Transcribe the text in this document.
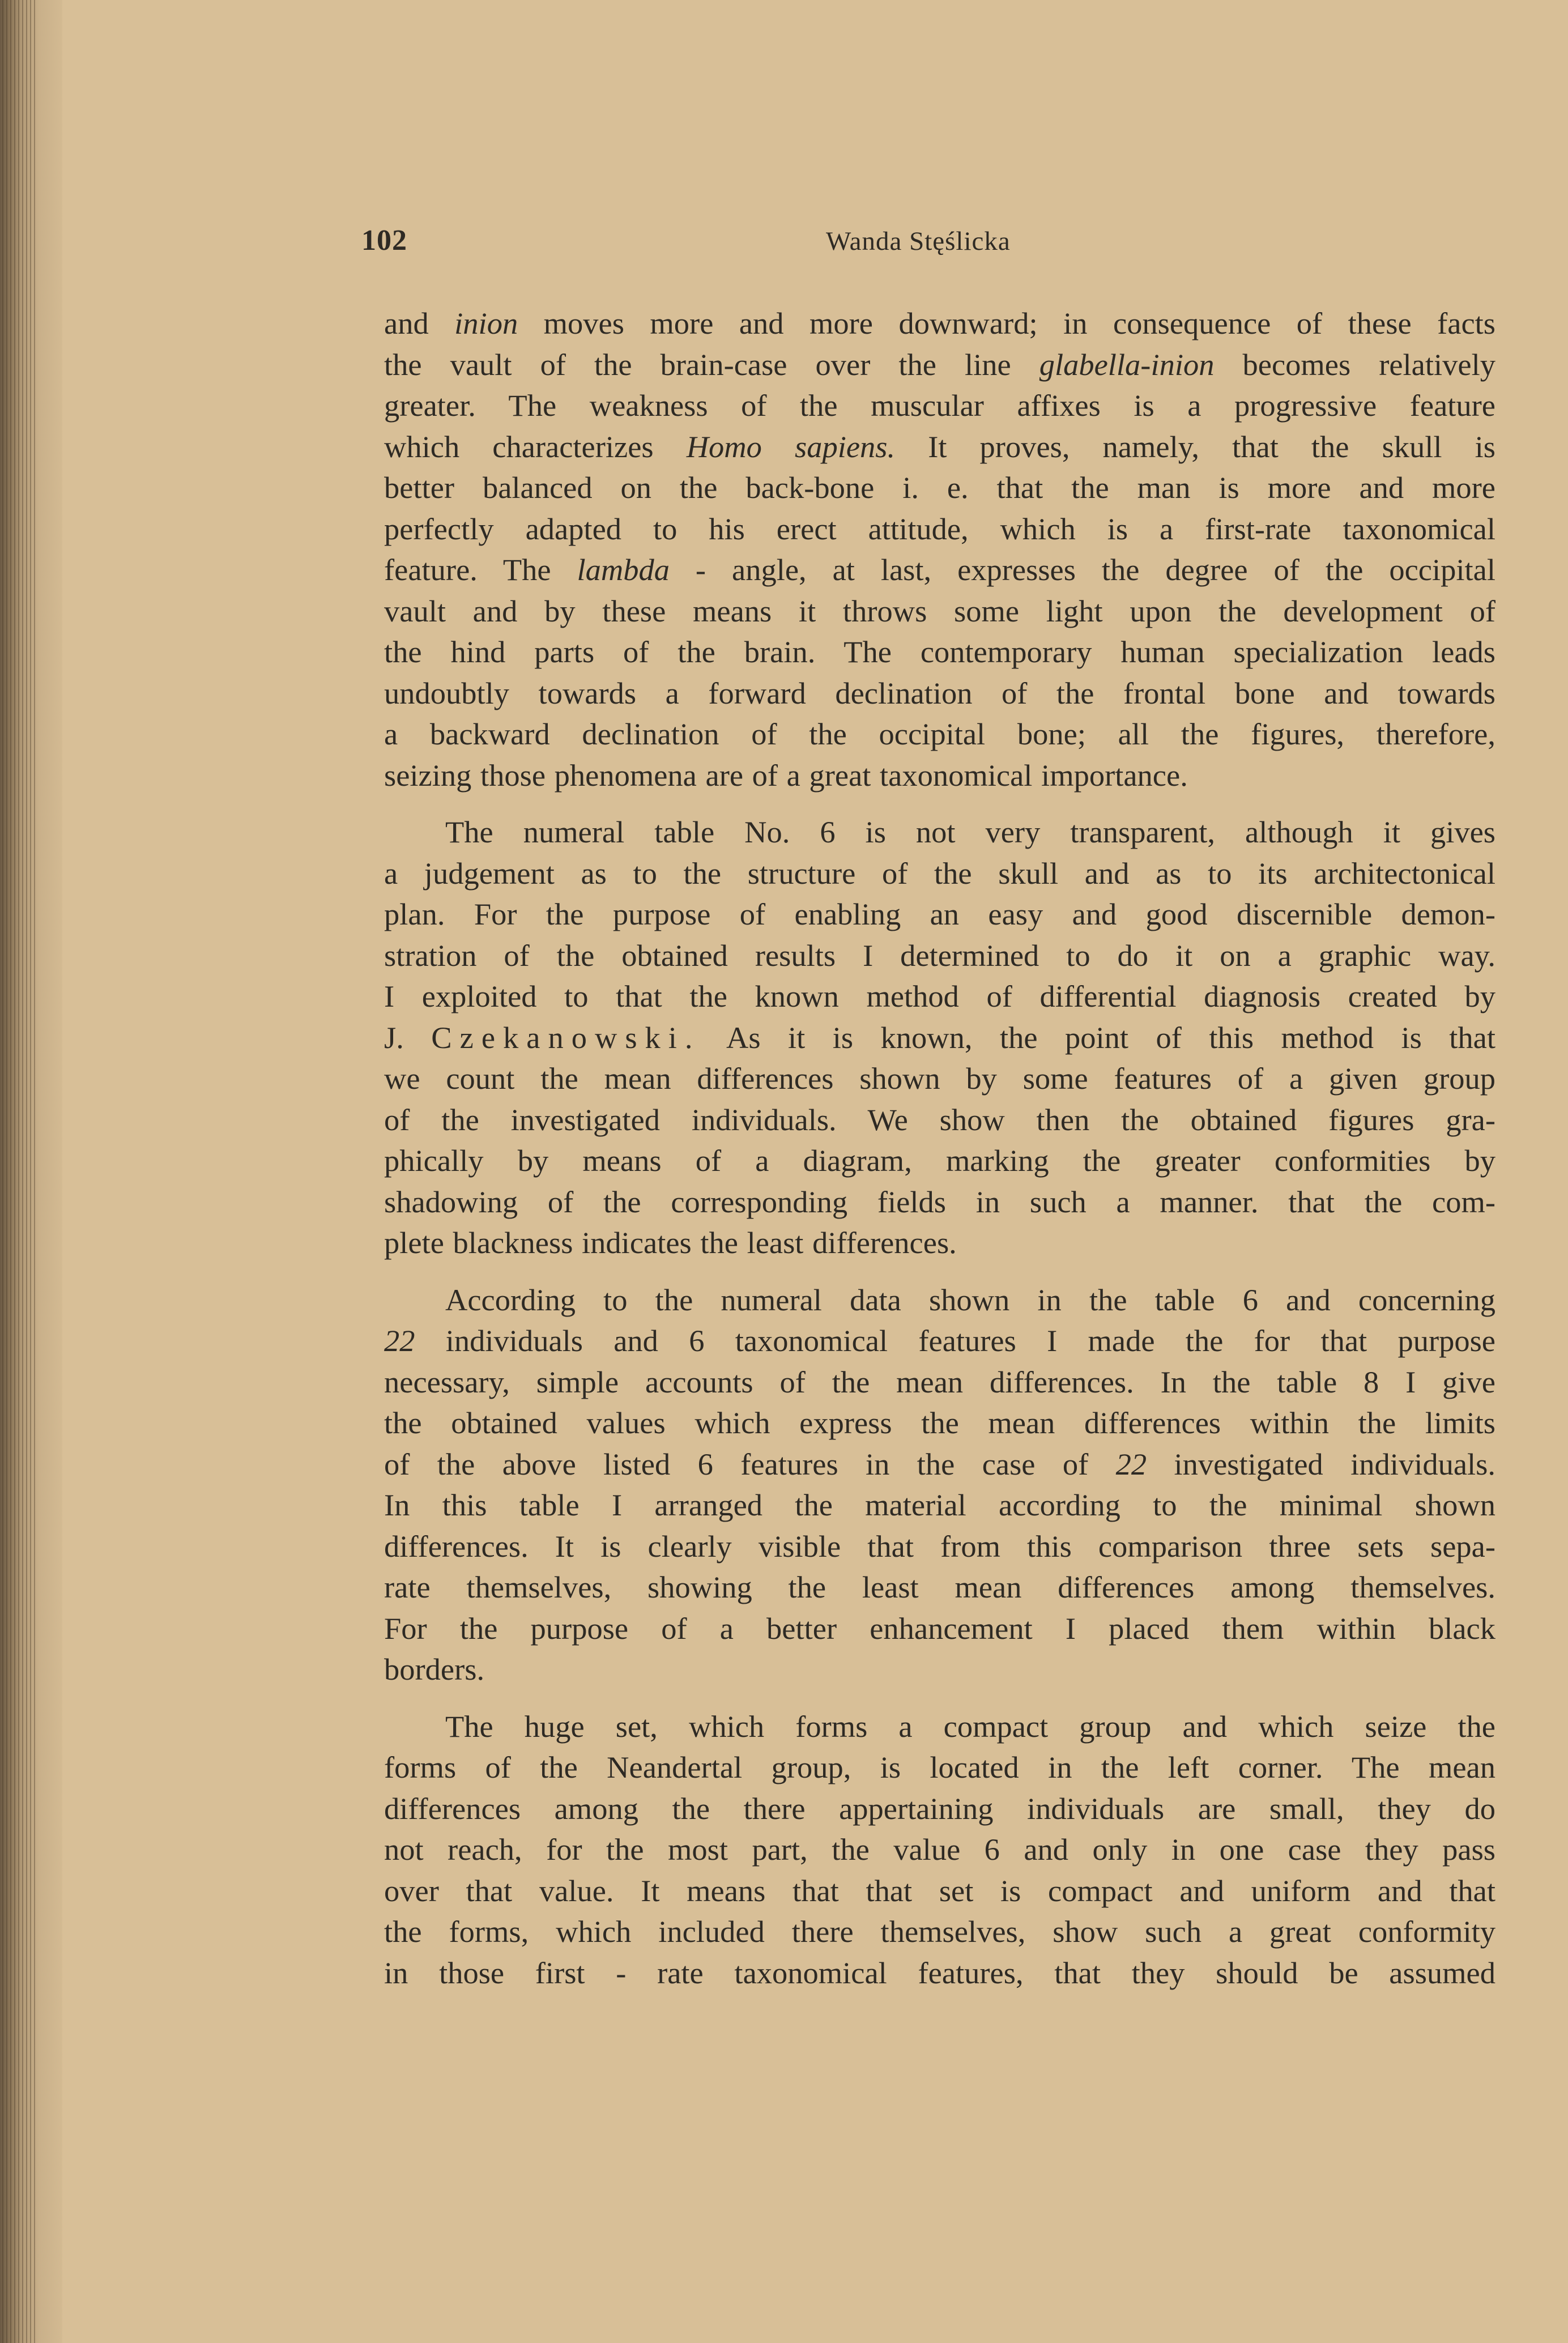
102	Wanda Stęślicka
and inion moves more and more downward; in consequence of these facts
the vault of the brain-case over the line glabella-inion becomes relatively
greater. The weakness of the muscular affixes is a progressive feature
which characterizes Homo sapiens. It proves, namely, that the skull is
better balanced on the back-bone i. e. that the man is more and more
perfectly adapted to his erect attitude, which is a first-rate taxonomical
feature. The lambda - angle, at last, expresses the degree of the occipital
vault and by these means it throws some light upon the development of
the hind parts of the brain. The contemporary human specialization leads
undoubtly towards a forward declination of the frontal bone and towards
a backward declination of the occipital bone; all the figures, therefore,
seizing those phenomena are of a great taxonomical importance.
The numeral table No. 6 is not very transparent, although it gives
a judgement as to the structure of the skull and as to its architectonical
plan. For the purpose of enabling an easy and good discernible demon-
stration of the obtained results I determined to do it on a graphic way.
I exploited to that the known method of differential diagnosis created by
J. Czekanowski. As it is known, the point of this method is that
we count the mean differences shown by some features of a given group
of the investigated individuals. We show then the obtained figures gra-
phically by means of a diagram, marking the greater conformities by
shadowing of the corresponding fields in such a manner. that the com-
plete blackness indicates the least differences.
According to the numeral data shown in the table 6 and concerning
22 individuals and 6 taxonomical features I made the for that purpose
necessary, simple accounts of the mean differences. In the table 8 I give
the obtained values which express the mean differences within the limits
of the above listed 6 features in the case of 22 investigated individuals.
In this table I arranged the material according to the minimal shown
differences. It is clearly visible that from this comparison three sets sepa-
rate themselves, showing the least mean differences among themselves.
For the purpose of a better enhancement I placed them within black
borders.
The huge set, which forms a compact group and which seize the
forms of the Neandertal group, is located in the left corner. The mean
differences among the there appertaining individuals are small, they do
not reach, for the most part, the value 6 and only in one case they pass
over that value. It means that that set is compact and uniform and that
the forms, which included there themselves, show such a great conformity
in those first - rate taxonomical features, that they should be assumed
